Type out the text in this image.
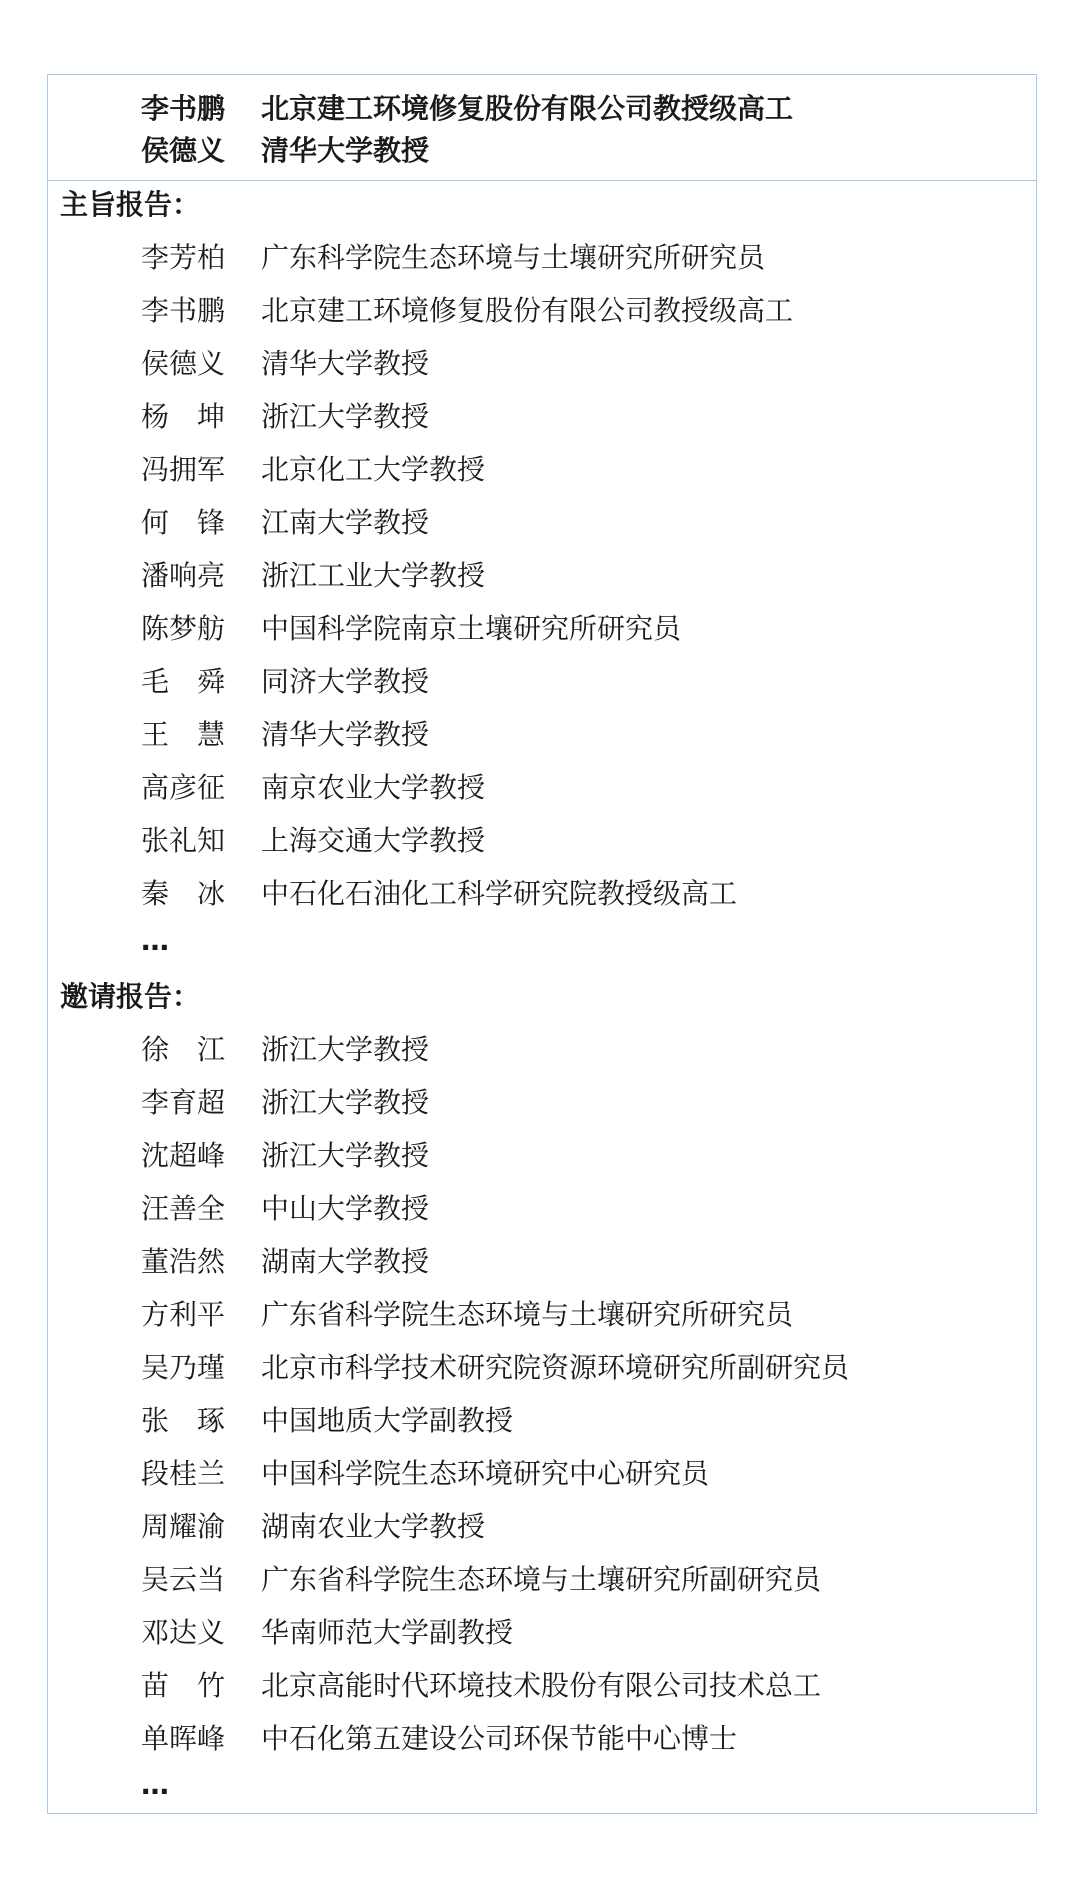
李书鹏	北京建工环境修复股份有限公司教授级高工
侯德义	清华大学教授
主旨报告：
李芳柏	广东科学院生态环境与土壤研究所研究员
李书鹏	北京建工环境修复股份有限公司教授级高工
侯德义	清华大学教授
杨　坤	浙江大学教授
冯拥军	北京化工大学教授
何　锋	江南大学教授
潘响亮	浙江工业大学教授
陈梦舫	中国科学院南京土壤研究所研究员
毛　舜	同济大学教授
王　慧	清华大学教授
高彦征	南京农业大学教授
张礼知	上海交通大学教授
秦　冰	中石化石油化工科学研究院教授级高工
…
邀请报告：
徐　江	浙江大学教授
李育超	浙江大学教授
沈超峰	浙江大学教授
汪善全	中山大学教授
董浩然	湖南大学教授
方利平	广东省科学院生态环境与土壤研究所研究员
吴乃瑾	北京市科学技术研究院资源环境研究所副研究员
张　琢	中国地质大学副教授
段桂兰	中国科学院生态环境研究中心研究员
周耀渝	湖南农业大学教授
吴云当	广东省科学院生态环境与土壤研究所副研究员
邓达义	华南师范大学副教授
苗　竹	北京高能时代环境技术股份有限公司技术总工
单晖峰	中石化第五建设公司环保节能中心博士
…
